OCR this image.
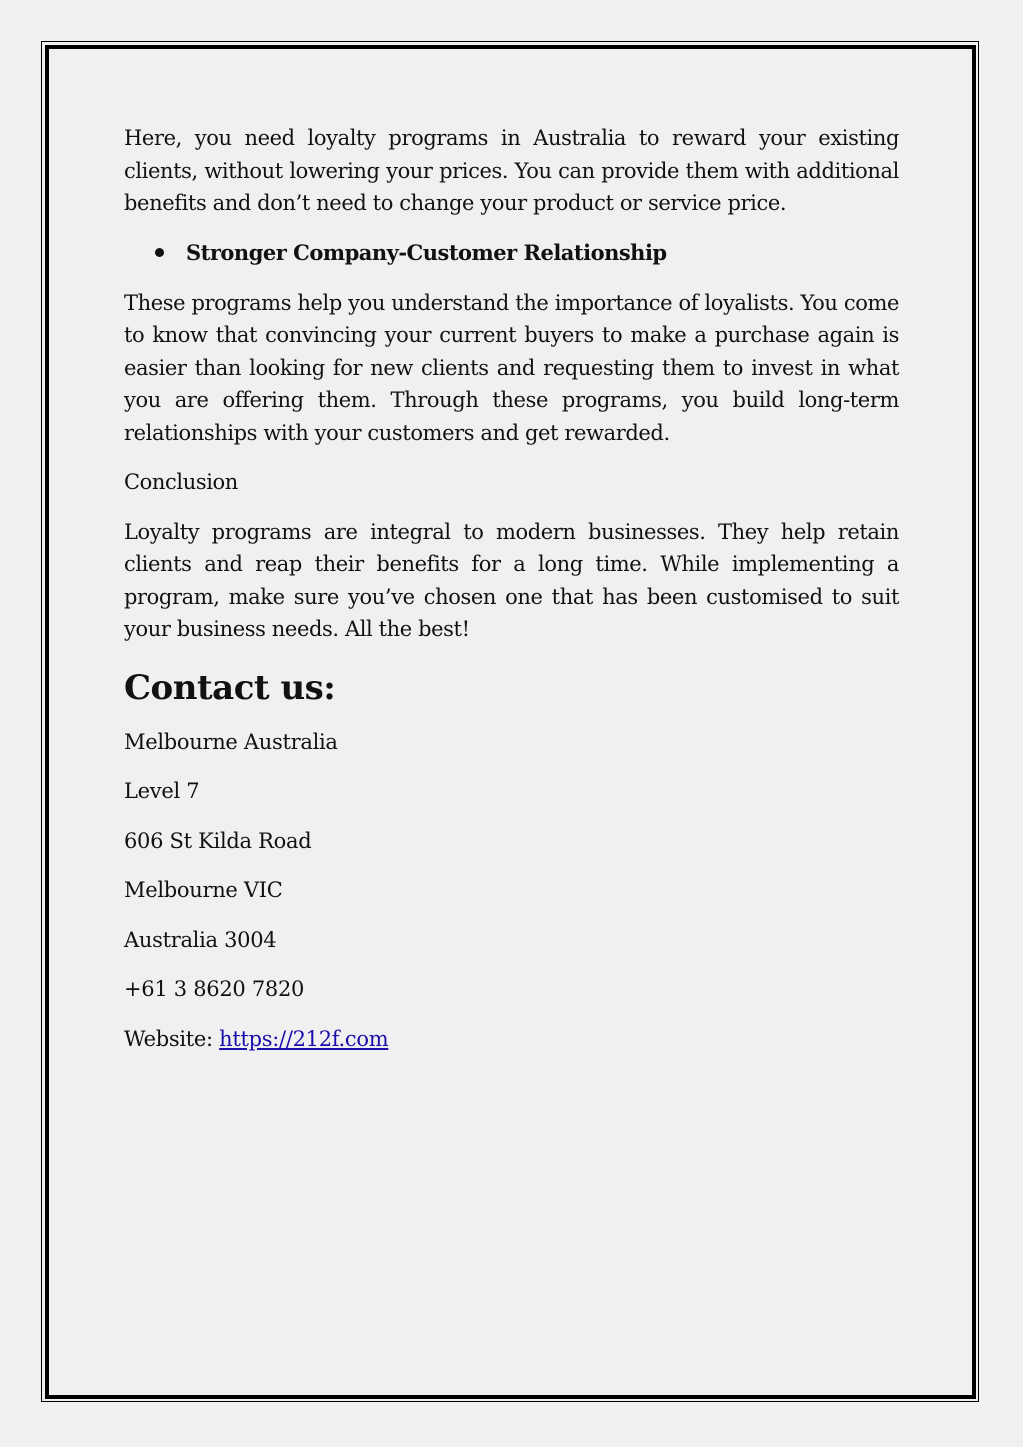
Here, you need loyalty programs in Australia to reward your existing clients, without lowering your prices. You can provide them with additional benefits and don’t need to change your product or service price.

Stronger Company-Customer Relationship

These programs help you understand the importance of loyalists. You come to know that convincing your current buyers to make a purchase again is easier than looking for new clients and requesting them to invest in what you are offering them. Through these programs, you build long-term relationships with your customers and get rewarded.

Conclusion

Loyalty programs are integral to modern businesses. They help retain clients and reap their benefits for a long time. While implementing a program, make sure you’ve chosen one that has been customised to suit your business needs. All the best!

Contact us:
Melbourne Australia
Level 7
606 St Kilda Road
Melbourne VIC
Australia 3004
+61 3 8620 7820
Website: https://212f.com
